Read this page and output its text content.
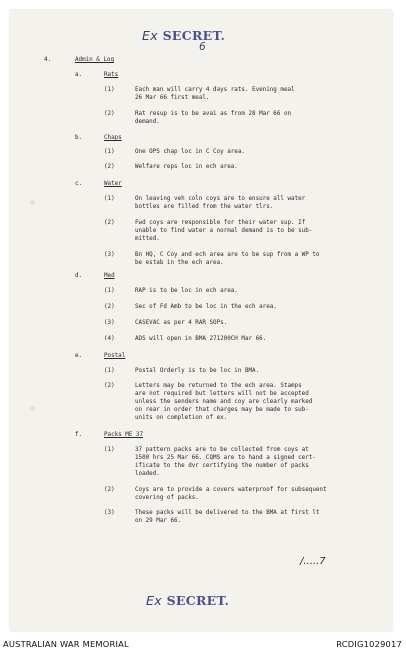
Ex SECRET.
6
4.	Admin & Log
a.	Rats
(1)	Each man will carry 4 days rats. Evening meal
26 Mar 66 first meal.
(2)	Rat resup is to be avai as from 28 Mar 66 on
demand.
b.	Chaps
(1)	One OPS chap loc in C Coy area.
(2)	Welfare reps loc in ech area.
c.	Water
(1)	On leaving veh coln coys are to ensure all water
bottles are filled from the water tlrs.
(2)	Fwd coys are responsible for their water sup. If
unable to find water a normal demand is to be sub-
mitted.
(3)	Bn HQ, C Coy and ech area are to be sup from a WP to
be estab in the ech area.
d.	Med
(1)	RAP is to be loc in ech area.
(2)	Sec of Fd Amb to be loc in the ech area.
(3)	CASEVAC as per 4 RAR SOPs.
(4)	ADS will open in BMA 271200CH Mar 66.
e.	Postal
(1)	Postal Orderly is to be loc in BMA.
(2)	Letters may be returned to the ech area. Stamps
are not required but letters will not be accepted
unless the senders name and coy are clearly marked
on rear in order that charges may be made to sub-
units on completion of ex.
f.	Packs ME 37
(1)	37 pattern packs are to be collected from coys at
1500 hrs 25 Mar 66. CQMS are to hand a signed cert-
ificate to the dvr certifying the number of packs
loaded.
(2)	Coys are to provide a covers waterproof for subsequent
covering of packs.
(3)	These packs will be delivered to the BMA at first lt
on 29 Mar 66.
/.....7
Ex SECRET.
AUSTRALIAN WAR MEMORIAL	RCDIG1029017
